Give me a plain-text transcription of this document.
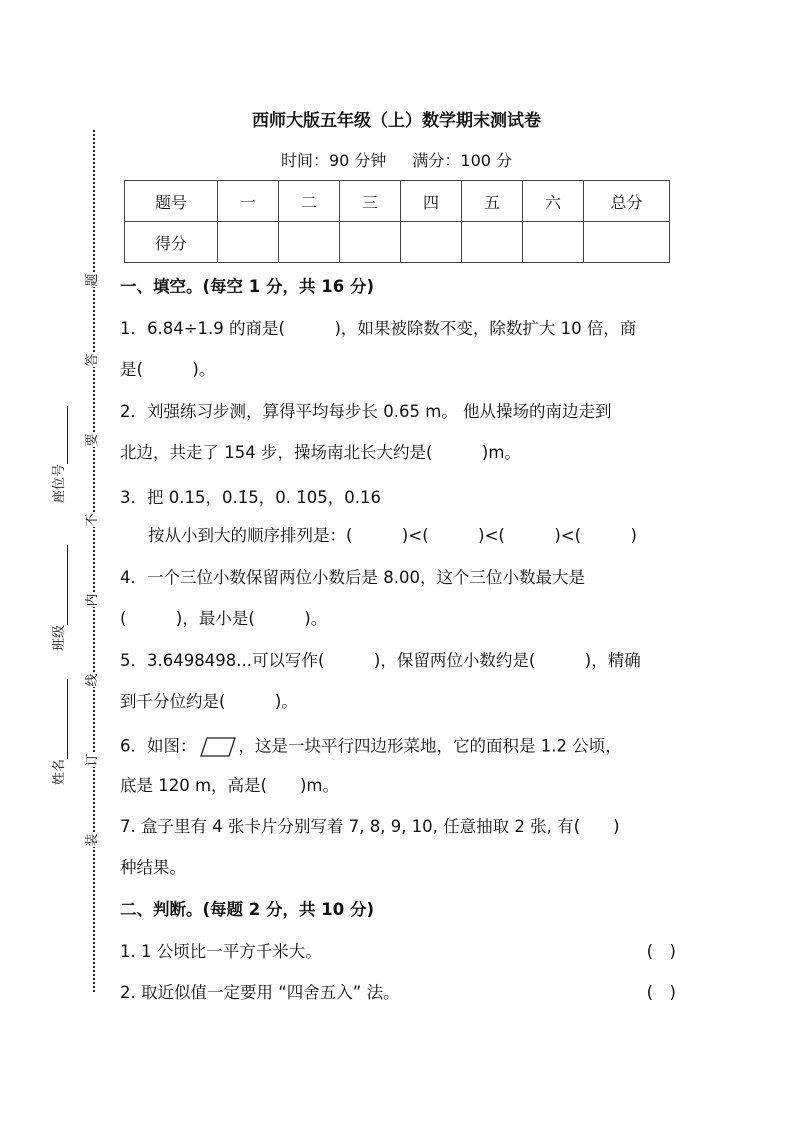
题
答
要
不
内
线
订
装
座位号
班级
姓名
西师大版五年级（上）数学期末测试卷
时间：90 分钟 满分：100 分
题号	一	二	三	四	五	六	总分
得分							
一、填空。(每空 1 分，共 16 分)
1．6.84÷1.9 的商是(　　　)，如果被除数不变，除数扩大 10 倍，商
是(　　　)。
2．刘强练习步测，算得平均每步长 0.65 m。 他从操场的南边走到
北边，共走了 154 步，操场南北长大约是(　　　)m。
3．把 0.15，0.1̇5，0. 1̇05̇，0.16
按从小到大的顺序排列是：(　　　)<(　　　)<(　　　)<(　　　)
4．一个三位小数保留两位小数后是 8.00，这个三位小数最大是
(　　　)，最小是(　　　)。
5．3.6498498...可以写作(　　　)，保留两位小数约是(　　　)，精确
到千分位约是(　　　)。
6．如图：	，这是一块平行四边形菜地，它的面积是 1.2 公顷，
底是 120 m，高是(　　)m。
7. 盒子里有 4 张卡片分别写着 7, 8, 9, 10, 任意抽取 2 张, 有(　　)
种结果。
二、判断。(每题 2 分，共 10 分)
1. 1 公顷比一平方千米大。	(　)
2. 取近似值一定要用 “四舍五入” 法。	(　)
